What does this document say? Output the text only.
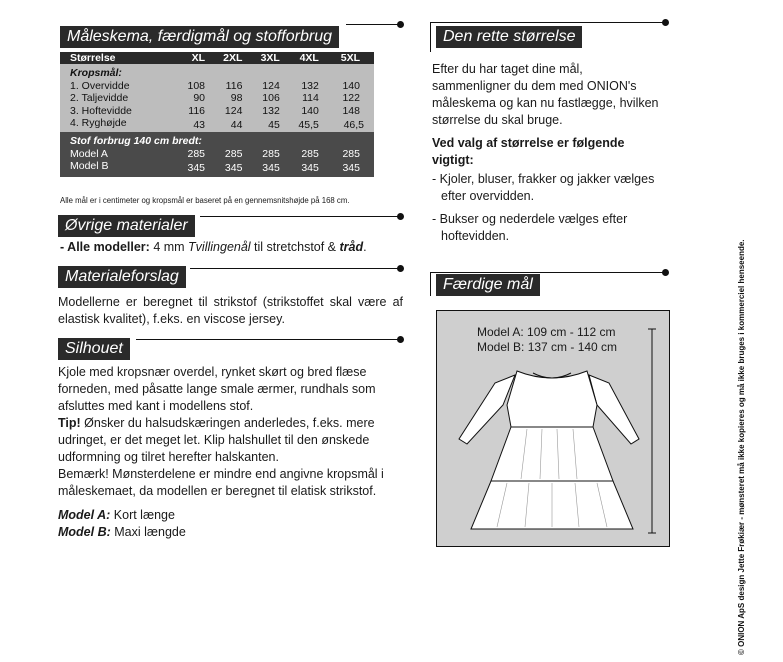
Måleskema, færdigmål og stofforbrug
Størrelse	XL	2XL	3XL	4XL	5XL
Kropsmål:					
1. Overvidde	108	116	124	132	140
2. Taljevidde	90	98	106	114	122
3. Hoftevidde	116	124	132	140	148
4. Ryghøjde	43	44	45	45,5	46,5
Stof forbrug 140 cm bredt:					
Model A	285	285	285	285	285
Model B	345	345	345	345	345
Alle mål er i centimeter og kropsmål er baseret på en gennemsnitshøjde på 168 cm.
Øvrige materialer

- Alle modeller: 4 mm Tvillingenål til stretchstof & tråd.

Materialeforslag

Modellerne er beregnet til strikstof (strikstoffet skal være af elastisk kvalitet), f.eks. en viscose jersey.

Silhouet

Kjole med kropsnær overdel, rynket skørt og bred flæse forneden, med påsatte lange smale ærmer, rundhals som afsluttes med kant i modellens stof.

Tip! Ønsker du halsudskæringen anderledes, f.eks. mere udringet, er det meget let. Klip halshullet til den ønskede udformning og tilret herefter halskanten.

Bemærk! Mønsterdelene er mindre end angivne kropsmål i måleskemaet, da modellen er beregnet til elatisk strikstof.

Model A: Kort længe

Model B: Maxi længde

Den rette størrelse

Efter du har taget dine mål, sammenligner du dem med ONION's måleskema og kan nu fastlægge, hvilken størrelse du skal bruge.

Ved valg af størrelse er følgende vigtigt:

- Kjoler, bluser, frakker og jakker vælges efter overvidden.
- Bukser og nederdele vælges efter hoftevidden.
Færdige mål
Model A: 109 cm - 112 cm
Model B: 137 cm - 140 cm	© ONION ApS design Jette Frøkiær - mønsteret må ikke kopieres og må ikke bruges i kommerciel henseende.
